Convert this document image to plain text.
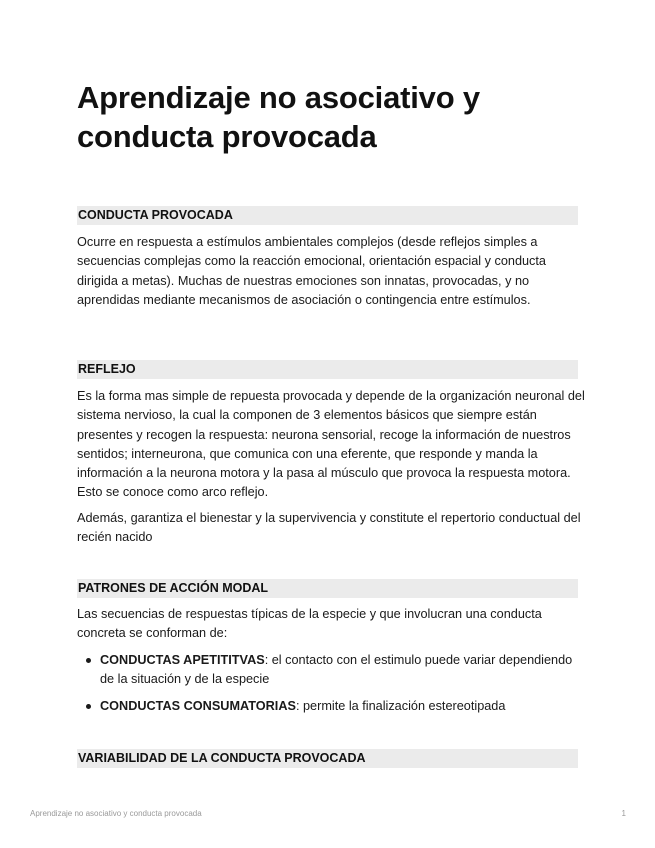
Aprendizaje no asociativo y conducta provocada
CONDUCTA PROVOCADA

Ocurre en respuesta a estímulos ambientales complejos (desde reflejos simples a secuencias complejas como la reacción emocional, orientación espacial y conducta dirigida a metas). Muchas de nuestras emociones son innatas, provocadas, y no aprendidas mediante mecanismos de asociación o contingencia entre estímulos.

REFLEJO

Es la forma mas simple de repuesta provocada y depende de la organización neuronal del sistema nervioso, la cual la componen de 3 elementos básicos que siempre están presentes y recogen la respuesta: neurona sensorial, recoge la información de nuestros sentidos; interneurona, que comunica con una eferente, que responde y manda la información a la neurona motora y la pasa al músculo que provoca la respuesta motora. Esto se conoce como arco reflejo.

Además, garantiza el bienestar y la supervivencia y constitute el repertorio conductual del recién nacido

PATRONES DE ACCIÓN MODAL

Las secuencias de respuestas típicas de la especie y que involucran una conducta concreta se conforman de:

CONDUCTAS APETITITVAS: el contacto con el estimulo puede variar dependiendo de la situación y de la especie
CONDUCTAS CONSUMATORIAS: permite la finalización estereotipada
VARIABILIDAD DE LA CONDUCTA PROVOCADA
Aprendizaje no asociativo y conducta provocada	1
